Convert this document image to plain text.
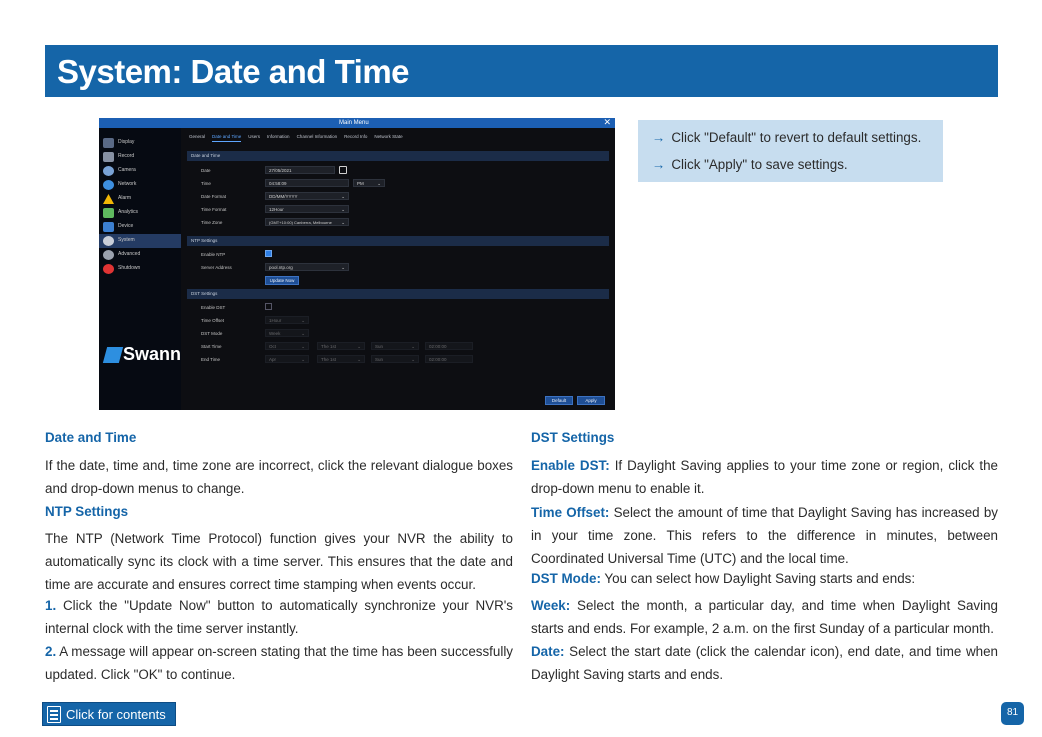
System: Date and Time
Main Menu	✕
Display
Record
Camera
Network
Alarm
Analytics
Device
System
Advanced
Shutdown
Swann
General Date and Time Users Information Channel Information Record Info Network State
Date and Time
Date	27/05/2021
Time	04:58:09	PM	⌄
Date Format	DD/MM/YYYY	⌄
Time Format	12Hour	⌄
Time Zone	(GMT+10:00) Canberra, Melbourne ⌄
NTP Settings
Enable NTP
Server Address	pool.ntp.org	⌄
Update Now
DST Settings
Enable DST
Time Offset	1Hour	⌄
DST Mode	Week	⌄
Start Time	Oct	⌄	The 1st	⌄	Sun	⌄	02:00:00
End Time	Apr	⌄	The 1st	⌄	Sun	⌄	02:00:00
Default	Apply

→ Click "Default" to revert to default settings.

→ Click "Apply" to save settings.

Date and Time
If the date, time and, time zone are incorrect, click the relevant dialogue boxes and drop-down menus to change.
NTP Settings
The NTP (Network Time Protocol) function gives your NVR the ability to automatically sync its clock with a time server. This ensures that the date and time are accurate and ensures correct time stamping when events occur.
1. Click the "Update Now" button to automatically synchronize your NVR's internal clock with the time server instantly.
2. A message will appear on-screen stating that the time has been successfully updated. Click "OK" to continue.
DST Settings
Enable DST: If Daylight Saving applies to your time zone or region, click the drop-down menu to enable it.
Time Offset: Select the amount of time that Daylight Saving has increased by in your time zone. This refers to the difference in minutes, between Coordinated Universal Time (UTC) and the local time.
DST Mode: You can select how Daylight Saving starts and ends:
Week: Select the month, a particular day, and time when Daylight Saving starts and ends. For example, 2 a.m. on the first Sunday of a particular month.
Date: Select the start date (click the calendar icon), end date, and time when Daylight Saving starts and ends.
Click for contents	81
